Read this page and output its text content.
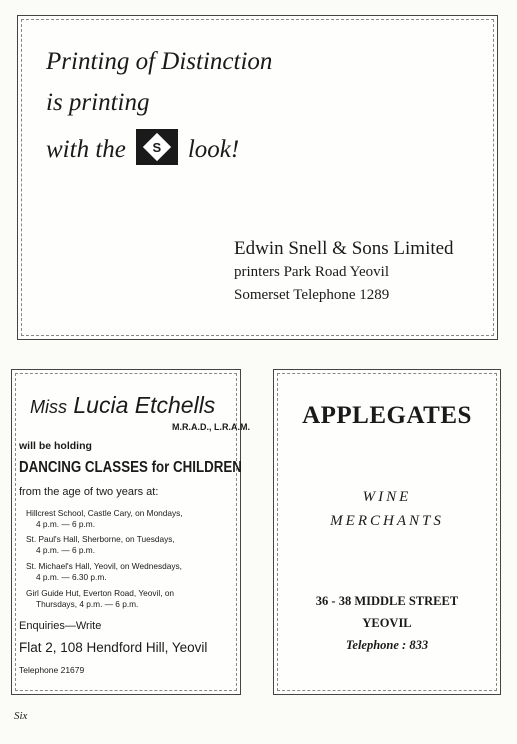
Printing of Distinction
is printing
with the S look!
Edwin Snell & Sons Limited
printers Park Road Yeovil
Somerset Telephone 1289
Miss Lucia Etchells
M.R.A.D., L.R.A.M.
will be holding
DANCING CLASSES for CHILDREN
from the age of two years at:
Hillcrest School, Castle Cary, on Mondays,
4 p.m. — 6 p.m.
St. Paul's Hall, Sherborne, on Tuesdays,
4 p.m. — 6 p.m.
St. Michael's Hall, Yeovil, on Wednesdays,
4 p.m. — 6.30 p.m.
Girl Guide Hut, Everton Road, Yeovil, on
Thursdays, 4 p.m. — 6 p.m.
Enquiries—Write
Flat 2, 108 Hendford Hill, Yeovil
Telephone 21679
APPLEGATES
WINE
MERCHANTS
36 - 38 MIDDLE STREET
YEOVIL
Telephone : 833
Six
